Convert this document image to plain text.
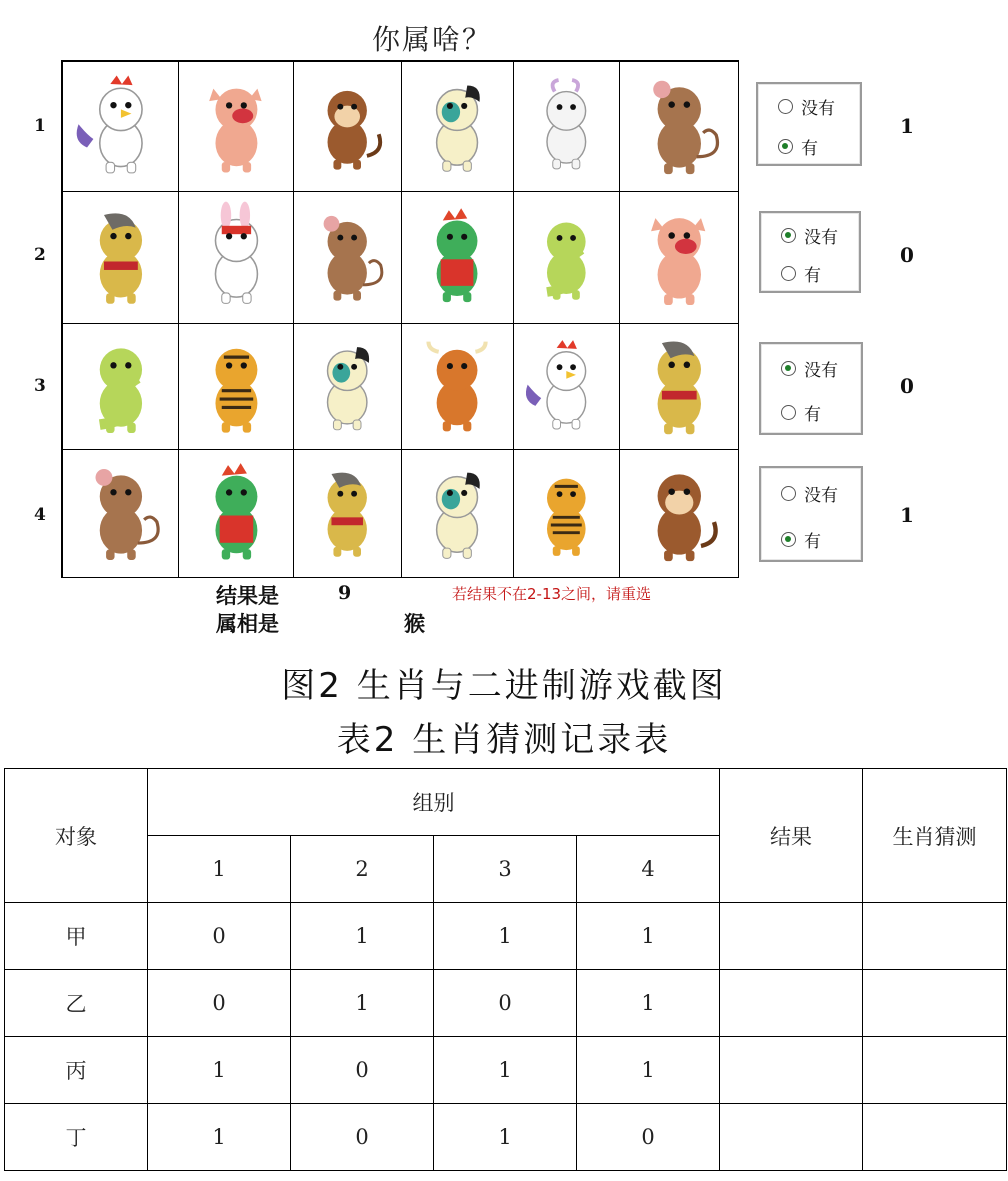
你属啥？
1
没有
有
1
2
没有
有
0
3
没有
有
0
4
没有
有
1
结果是	9
属相是	猴
若结果不在2-13之间，请重选
图2 生肖与二进制游戏截图
表2 生肖猜测记录表
对象	组别				结果	生肖猜测
	1	2	3	4		
甲	0	1	1	1		
乙	0	1	0	1		
丙	1	0	1	1		
丁	1	0	1	0		
